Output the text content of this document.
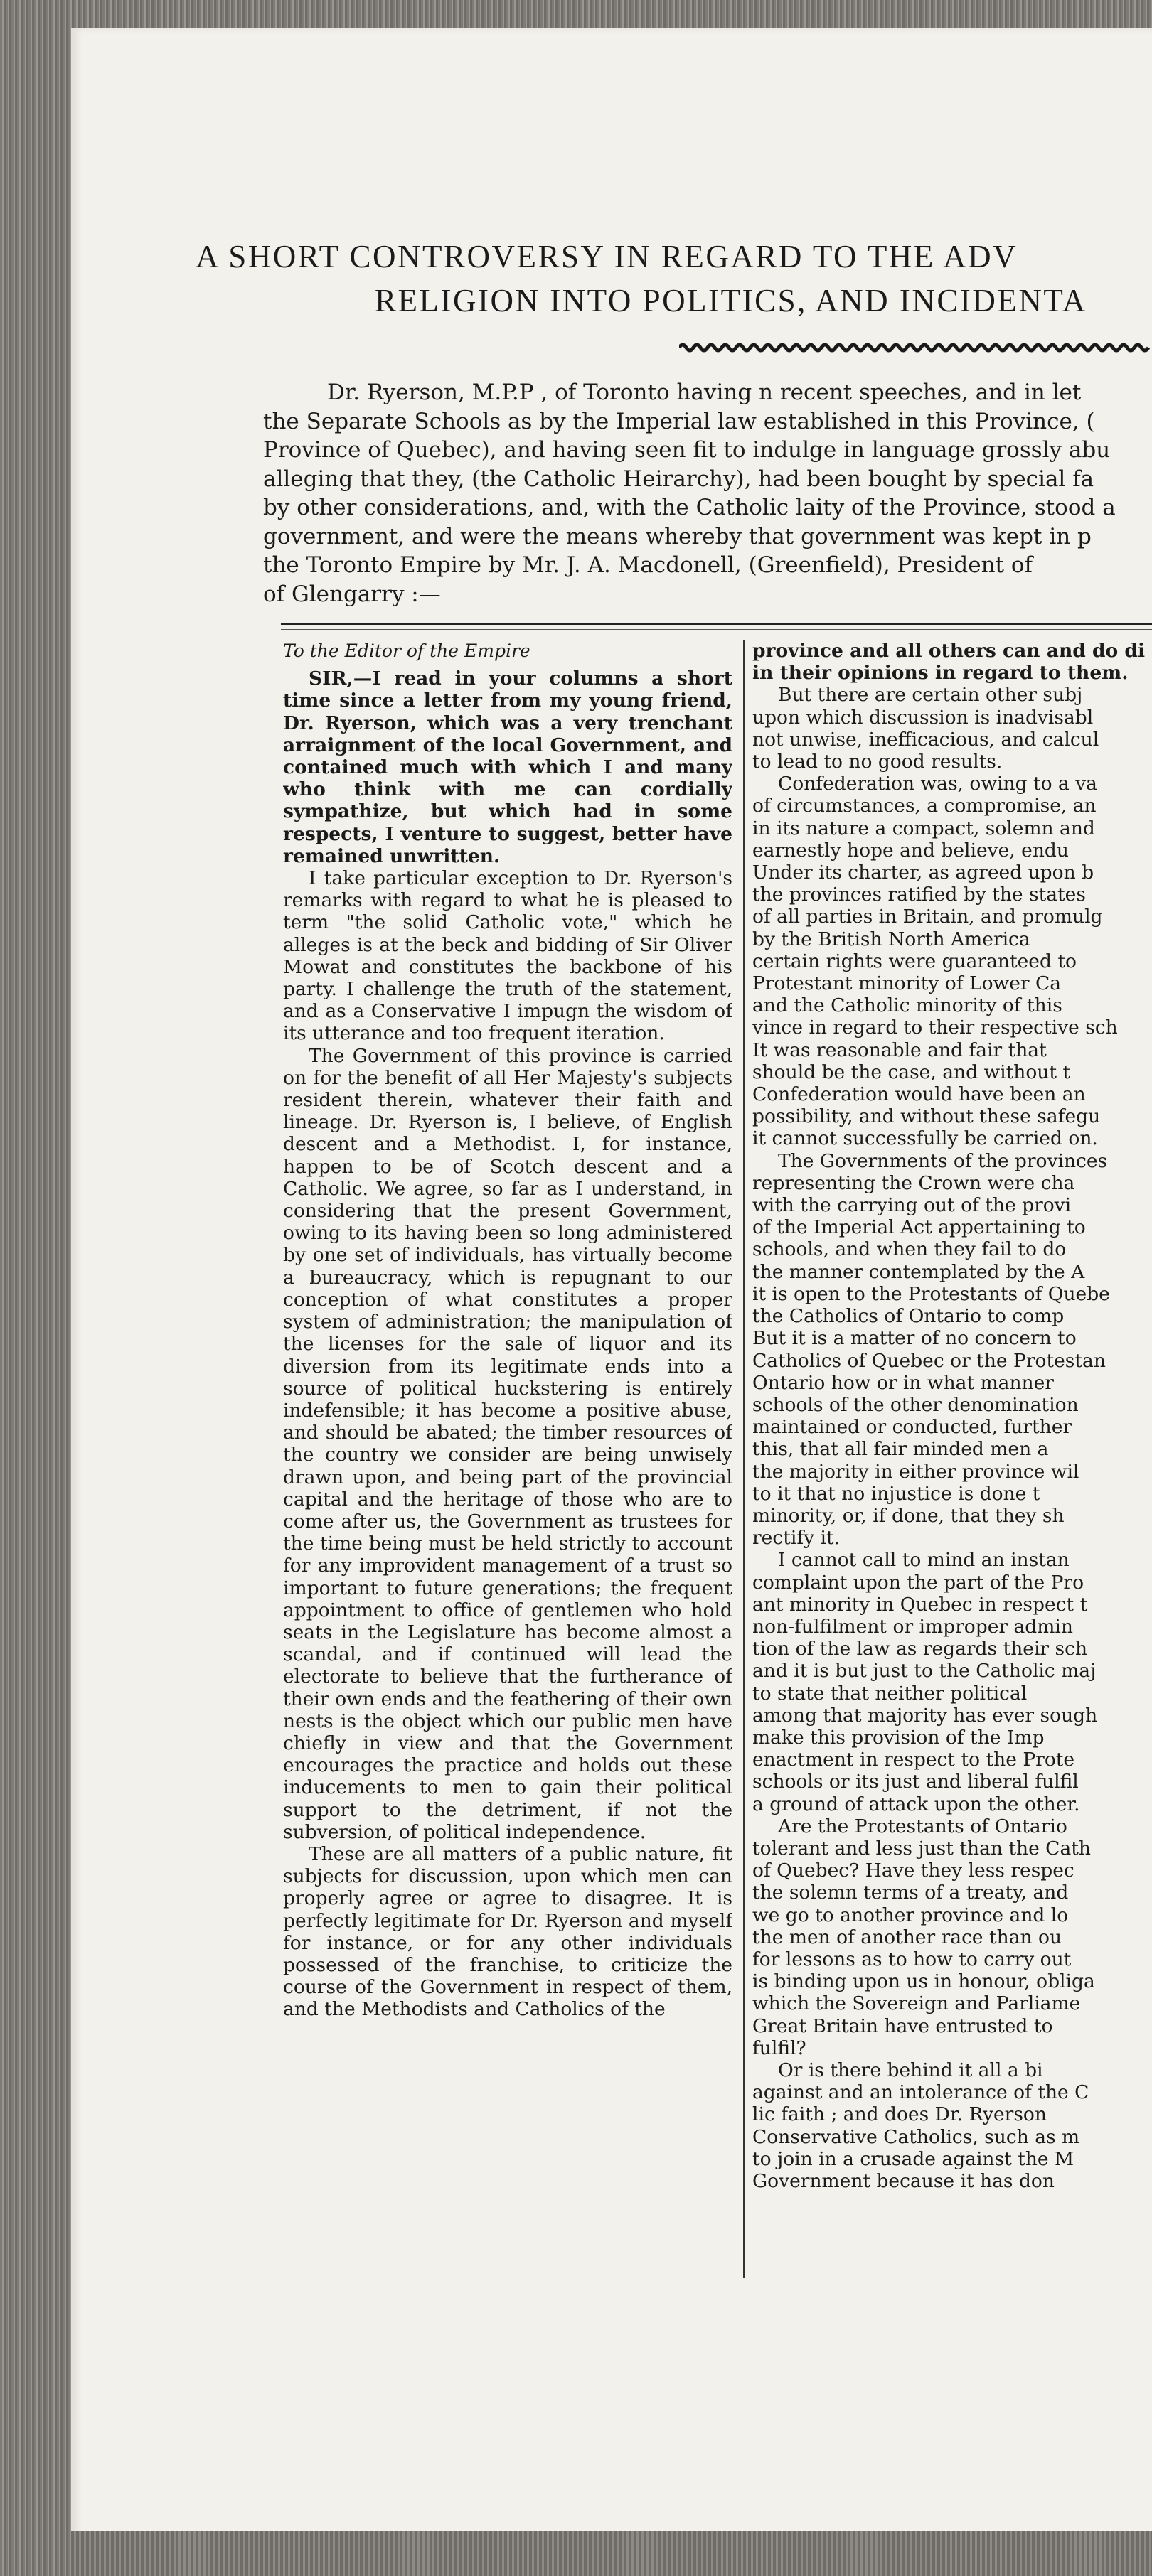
A SHORT CONTROVERSY IN REGARD TO THE ADV
RELIGION INTO POLITICS, AND INCIDENTA

Dr. Ryerson, M.P.P , of Toronto having n recent speeches, and in let

the Separate Schools as by the Imperial law established in this Province, (

Province of Quebec), and having seen fit to indulge in language grossly abu

alleging that they, (the Catholic Heirarchy), had been bought by special fa

by other considerations, and, with the Catholic laity of the Province, stood a

government, and were the means whereby that government was kept in p

the Toronto Empire by Mr. J. A. Macdonell, (Greenfield), President of

of Glengarry :—

To the Editor of the Empire

SIR,—I read in your columns a short time since a letter from my young friend, Dr. Ryerson, which was a very trenchant arraignment of the local Government, and contained much with which I and many who think with me can cordially sympathize, but which had in some respects, I venture to suggest, better have remained unwritten.

I take particular exception to Dr. Ryerson's remarks with regard to what he is pleased to term "the solid Catholic vote," which he alleges is at the beck and bidding of Sir Oliver Mowat and constitutes the backbone of his party. I challenge the truth of the statement, and as a Conservative I impugn the wisdom of its utterance and too frequent iteration.

The Government of this province is carried on for the benefit of all Her Majesty's subjects resident therein, whatever their faith and lineage. Dr. Ryerson is, I believe, of English descent and a Methodist. I, for instance, happen to be of Scotch descent and a Catholic. We agree, so far as I understand, in considering that the present Government, owing to its having been so long administered by one set of individuals, has virtually become a bureaucracy, which is repugnant to our conception of what constitutes a proper system of administration; the manipulation of the licenses for the sale of liquor and its diversion from its legitimate ends into a source of political huckstering is entirely indefensible; it has become a positive abuse, and should be abated; the timber resources of the country we consider are being unwisely drawn upon, and being part of the provincial capital and the heritage of those who are to come after us, the Government as trustees for the time being must be held strictly to account for any improvident management of a trust so important to future generations; the frequent appointment to office of gentlemen who hold seats in the Legislature has become almost a scandal, and if continued will lead the electorate to believe that the furtherance of their own ends and the feathering of their own nests is the object which our public men have chiefly in view and that the Government encourages the practice and holds out these inducements to men to gain their political support to the detriment, if not the subversion, of political independence.

These are all matters of a public nature, fit subjects for discussion, upon which men can properly agree or agree to disagree. It is perfectly legitimate for Dr. Ryerson and myself for instance, or for any other individuals possessed of the franchise, to criticize the course of the Government in respect of them, and the Methodists and Catholics of the

province and all others can and do di

in their opinions in regard to them.

But there are certain other subj

upon which discussion is inadvisabl

not unwise, inefficacious, and calcul

to lead to no good results.

Confederation was, owing to a va

of circumstances, a compromise, an

in its nature a compact, solemn and

earnestly hope and believe, endu

Under its charter, as agreed upon b

the provinces ratified by the states

of all parties in Britain, and promulg

by the British North America

certain rights were guaranteed to

Protestant minority of Lower Ca

and the Catholic minority of this

vince in regard to their respective sch

It was reasonable and fair that

should be the case, and without t

Confederation would have been an

possibility, and without these safegu

it cannot successfully be carried on.

The Governments of the provinces

representing the Crown were cha

with the carrying out of the provi

of the Imperial Act appertaining to

schools, and when they fail to do

the manner contemplated by the A

it is open to the Protestants of Quebe

the Catholics of Ontario to comp

But it is a matter of no concern to

Catholics of Quebec or the Protestan

Ontario how or in what manner

schools of the other denomination

maintained or conducted, further

this, that all fair minded men a

the majority in either province wil

to it that no injustice is done t

minority, or, if done, that they sh

rectify it.

I cannot call to mind an instan

complaint upon the part of the Pro

ant minority in Quebec in respect t

non-fulfilment or improper admin

tion of the law as regards their sch

and it is but just to the Catholic maj

to state that neither political

among that majority has ever sough

make this provision of the Imp

enactment in respect to the Prote

schools or its just and liberal fulfil

a ground of attack upon the other.

Are the Protestants of Ontario

tolerant and less just than the Cath

of Quebec? Have they less respec

the solemn terms of a treaty, and

we go to another province and lo

the men of another race than ou

for lessons as to how to carry out

is binding upon us in honour, obliga

which the Sovereign and Parliame

Great Britain have entrusted to

fulfil?

Or is there behind it all a bi

against and an intolerance of the C

lic faith ; and does Dr. Ryerson

Conservative Catholics, such as m

to join in a crusade against the M

Government because it has don
